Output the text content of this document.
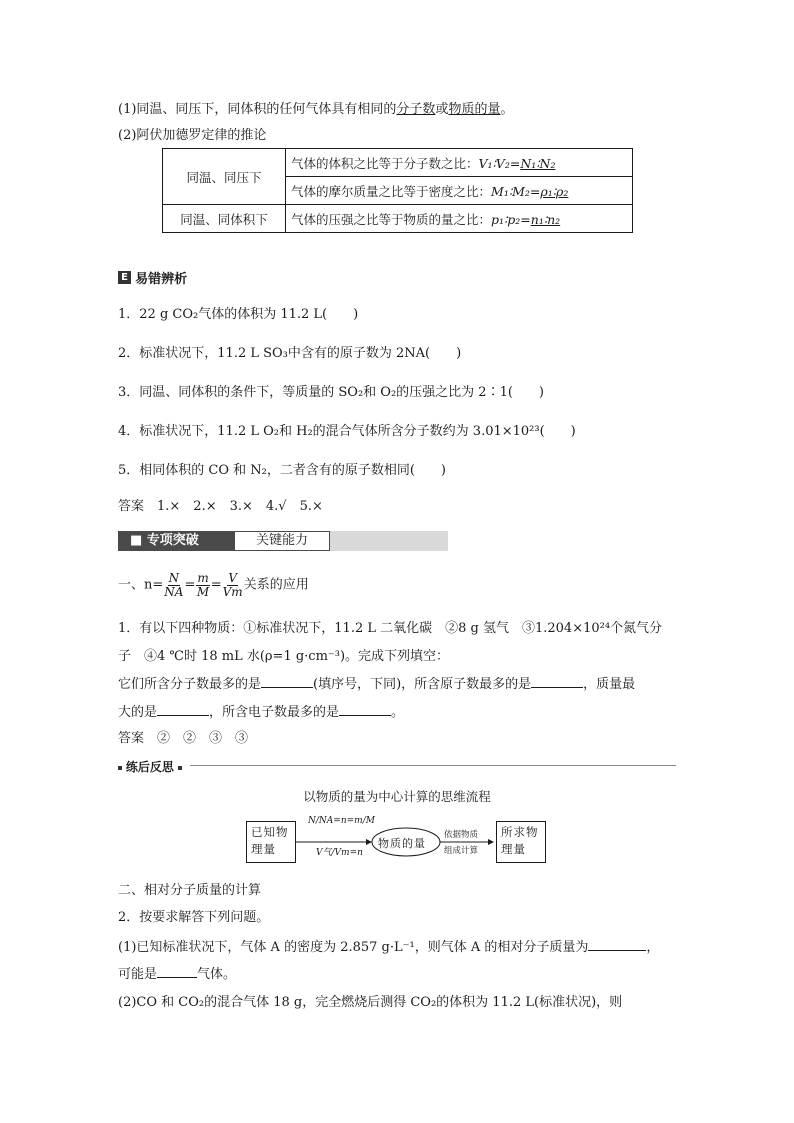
(1)同温、同压下，同体积的任何气体具有相同的分子数或物质的量。
(2)阿伏加德罗定律的推论
同温、同压下	气体的体积之比等于分子数之比：V₁∶V₂=N₁∶N₂
	气体的摩尔质量之比等于密度之比：M₁∶M₂=ρ₁∶ρ₂
同温、同体积下	气体的压强之比等于物质的量之比：p₁∶p₂=n₁∶n₂
E 易错辨析
1．22 g CO₂气体的体积为 11.2 L(　　)
2．标准状况下，11.2 L SO₃中含有的原子数为 2NA(　　)
3．同温、同体积的条件下，等质量的 SO₂和 O₂的压强之比为 2∶1(　　)
4．标准状况下，11.2 L O₂和 H₂的混合气体所含分子数约为 3.01×10²³(　　)
5．相同体积的 CO 和 N₂，二者含有的原子数相同(　　)
答案　1.×　2.×　3.×　4.√　5.×
■ 专项突破	关键能力
一、$n= \frac{N}{NA} = \frac{m}{M} = \frac{V}{Vm}$ 关系的应用
1．有以下四种物质：①标准状况下，11.2 L 二氧化碳　②8 g 氢气　③1.204×10²⁴个氮气分
子　④4 ℃时 18 mL 水(ρ=1 g·cm⁻³)。完成下列填空：
它们所含分子数最多的是	(填序号，下同)，所含原子数最多的是	，质量最
大的是	，所含电子数最多的是	。
答案　②　②　③　③
练后反思
以物质的量为中心计算的思维流程
已知物理量
N/NA=n=m/M
V气/Vm=n
物质的量
依据物质
组成计算
所求物理量
二、相对分子质量的计算
2．按要求解答下列问题。
(1)已知标准状况下，气体 A 的密度为 2.857 g·L⁻¹，则气体 A 的相对分子质量为	，
可能是	气体。
(2)CO 和 CO₂的混合气体 18 g，完全燃烧后测得 CO₂的体积为 11.2 L(标准状况)，则
